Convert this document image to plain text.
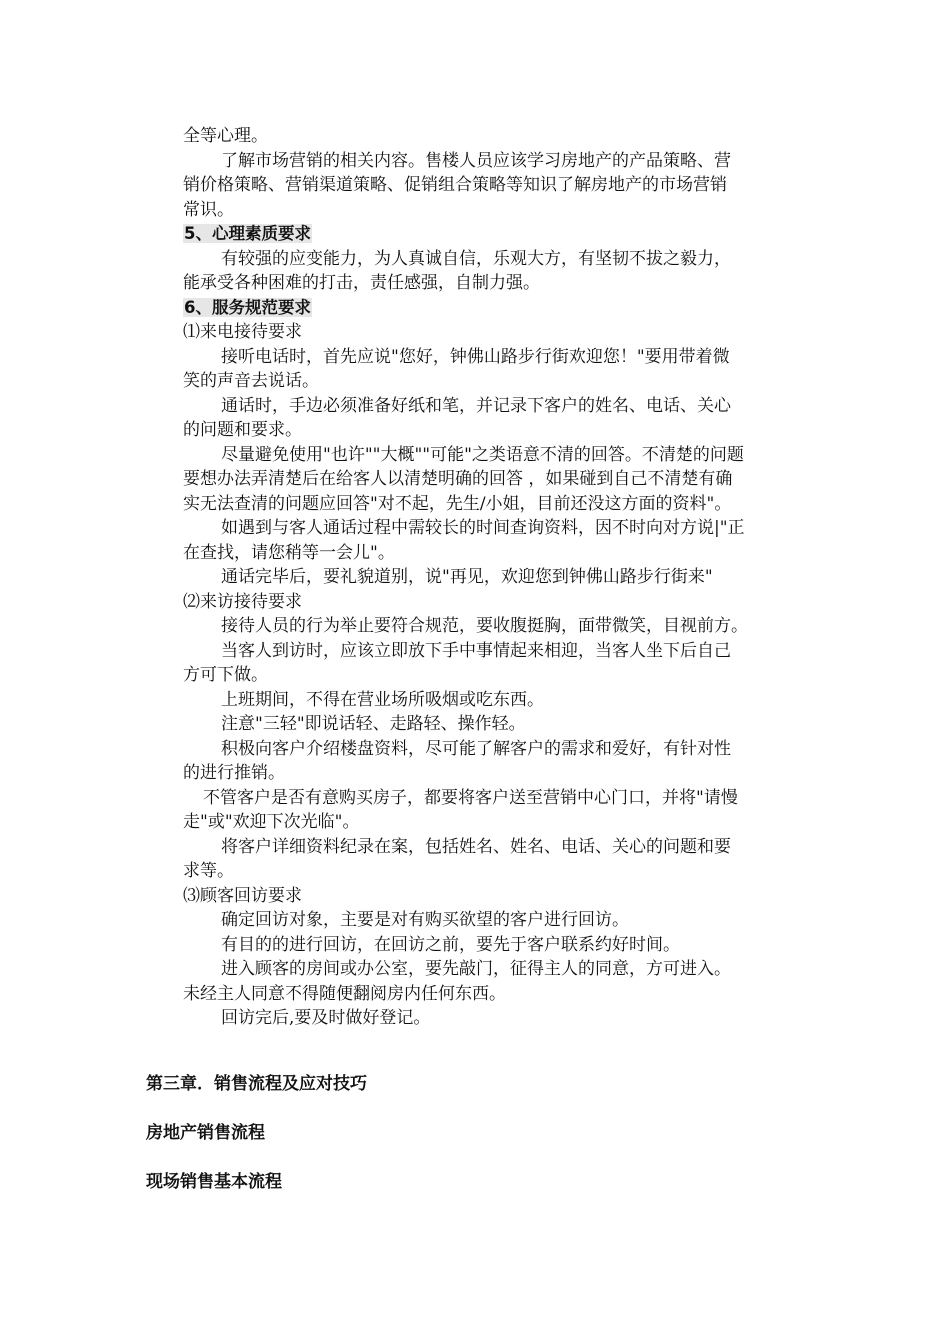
全等心理。
了解市场营销的相关内容。售楼人员应该学习房地产的产品策略、营
销价格策略、营销渠道策略、促销组合策略等知识了解房地产的市场营销
常识。
5、心理素质要求
有较强的应变能力，为人真诚自信，乐观大方，有坚韧不拔之毅力，
能承受各种困难的打击，责任感强，自制力强。
6、服务规范要求
⑴来电接待要求
接听电话时，首先应说"您好，钟佛山路步行街欢迎您！"要用带着微
笑的声音去说话。
通话时，手边必须准备好纸和笔，并记录下客户的姓名、电话、关心
的问题和要求。
尽量避免使用"也许""大概""可能"之类语意不清的回答。不清楚的问题
要想办法弄清楚后在给客人以清楚明确的回答 ，如果碰到自己不清楚有确
实无法查清的问题应回答"对不起，先生/小姐，目前还没这方面的资料"。
如遇到与客人通话过程中需较长的时间查询资料，因不时向对方说|"正
在查找，请您稍等一会儿"。
通话完毕后，要礼貌道别，说"再见，欢迎您到钟佛山路步行街来"
⑵来访接待要求
接待人员的行为举止要符合规范，要收腹挺胸，面带微笑，目视前方。
当客人到访时，应该立即放下手中事情起来相迎，当客人坐下后自己
方可下做。
上班期间，不得在营业场所吸烟或吃东西。
注意"三轻"即说话轻、走路轻、操作轻。
积极向客户介绍楼盘资料，尽可能了解客户的需求和爱好，有针对性
的进行推销。
不管客户是否有意购买房子，都要将客户送至营销中心门口，并将"请慢
走"或"欢迎下次光临"。
将客户详细资料纪录在案，包括姓名、姓名、电话、关心的问题和要
求等。
⑶顾客回访要求
确定回访对象，主要是对有购买欲望的客户进行回访。
有目的的进行回访，在回访之前，要先于客户联系约好时间。
进入顾客的房间或办公室，要先敲门，征得主人的同意，方可进入。
未经主人同意不得随便翻阅房内任何东西。
回访完后,要及时做好登记。
第三章．销售流程及应对技巧
房地产销售流程
现场销售基本流程
